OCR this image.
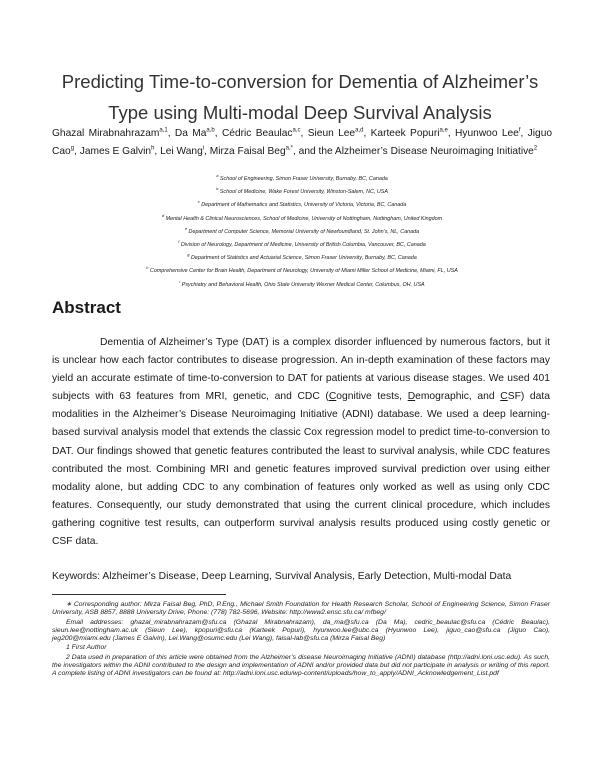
Predicting Time-to-conversion for Dementia of Alzheimer’s
Type using Multi-modal Deep Survival Analysis
Ghazal Mirabnahrazam$^{a,1}$, Da Ma$^{a,b}$, Cédric Beaulac$^{a,c}$, Sieun Lee$^{a,d}$, Karteek Popuri$^{a,e}$, Hyunwoo Lee$^f$, Jiguo Cao$^g$, James E Galvin$^h$, Lei Wang$^i$, Mirza Faisal Beg$^{a,*}$, and the Alzheimer’s Disease Neuroimaging Initiative$^2$
$^a$ School of Engineering, Simon Fraser University, Burnaby, BC, Canada
$^b$ School of Medicine, Wake Forest University, Winston-Salem, NC, USA
$^c$ Department of Mathematics and Statistics, University of Victoria, Victoria, BC, Canada
$^d$ Mental Health & Clinical Neurosciences, School of Medicine, University of Nottingham, Nottingham, United Kingdom
$^e$ Department of Computer Science, Memorial University of Newfoundland, St. John’s, NL, Canada
$^f$ Division of Neurology, Department of Medicine, University of British Columbia, Vancouver, BC, Canada
$^g$ Department of Statistics and Actuarial Science, Simon Fraser University, Burnaby, BC, Canada
$^h$ Comprehensive Center for Brain Health, Department of Neurology, University of Miami Miller School of Medicine, Miami, FL, USA
$^i$ Psychiatry and Behavioral Health, Ohio State University Wexner Medical Center, Columbus, OH, USA
Abstract
Dementia of Alzheimer’s Type (DAT) is a complex disorder influenced by numerous factors, but it is unclear how each factor contributes to disease progression. An in-depth examination of these factors may yield an accurate estimate of time-to-conversion to DAT for patients at various disease stages. We used 401 subjects with 63 features from MRI, genetic, and CDC (Cognitive tests, Demographic, and CSF) data modalities in the Alzheimer’s Disease Neuroimaging Initiative (ADNI) database. We used a deep learning-based survival analysis model that extends the classic Cox regression model to predict time-to-conversion to DAT. Our findings showed that genetic features contributed the least to survival analysis, while CDC features contributed the most. Combining MRI and genetic features improved survival prediction over using either modality alone, but adding CDC to any combination of features only worked as well as using only CDC features. Consequently, our study demonstrated that using the current clinical procedure, which includes gathering cognitive test results, can outperform survival analysis results produced using costly genetic or CSF data.
Keywords: Alzheimer’s Disease, Deep Learning, Survival Analysis, Early Detection, Multi-modal Data

∗ Corresponding author: Mirza Faisal Beg, PhD, P.Eng., Michael Smith Foundation for Health Research Scholar, School of Engineering Science, Simon Fraser University, ASB 8857, 8888 University Drive, Phone: (778) 782-5696, Website: http://www2.ensc.sfu.ca/ mfbeg/

Email addresses: ghazal_mirabnahrazam@sfu.ca (Ghazal Mirabnahrazam), da_ma@sfu.ca (Da Ma), cedric_beaulac@sfu.ca (Cédric Beaulac), sieun.lee@nottingham.ac.uk (Sieun Lee), kpopuri@sfu.ca (Karteek Popuri), hyunwoo.lee@ubc.ca (Hyunwoo Lee), jiguo_cao@sfu.ca (Jiguo Cao), jeg200@miami.edu (James E Galvin), Lei.Wang@osumc.edu (Lei Wang), faisal-lab@sfu.ca (Mirza Faisal Beg)

1 First Author

2 Data used in preparation of this article were obtained from the Alzheimer’s disease Neuroimaging Initiative (ADNI) database (http://adni.loni.usc.edu). As such, the investigators within the ADNI contributed to the design and implementation of ADNI and/or provided data but did not participate in analysis or writing of this report. A complete listing of ADNI investigators can be found at: http://adni.loni.usc.edu/wp-content/uploads/how_to_apply/ADNI_Acknowledgement_List.pdf
